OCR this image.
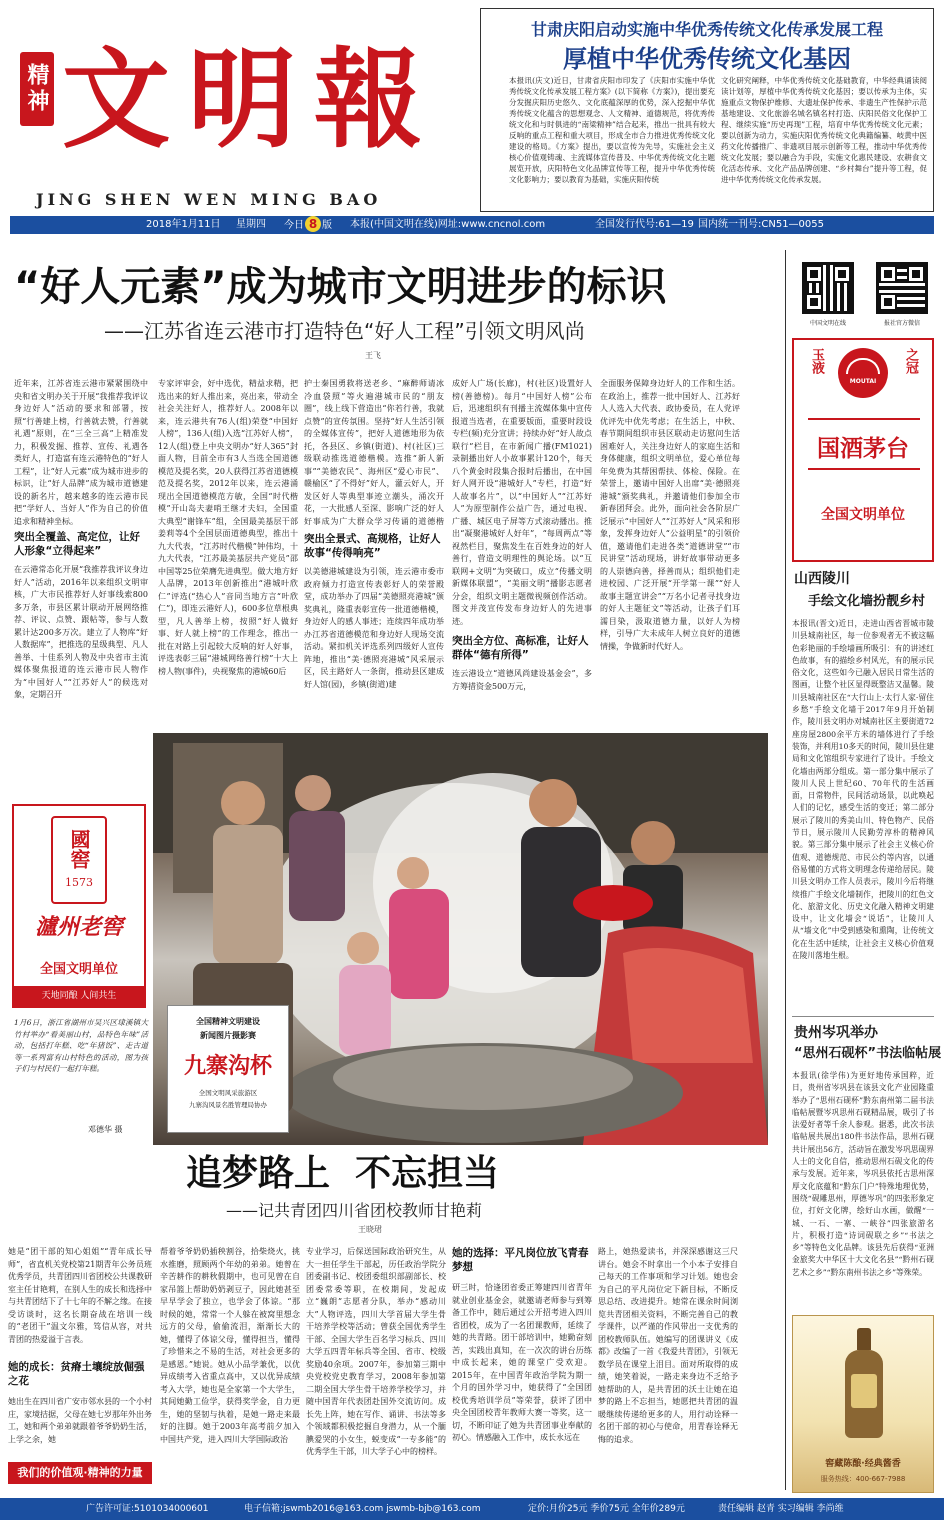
精神 文明報
JING SHEN WEN MING BAO
2018年1月11日 星期四 今日 8 版 本报(中国文明在线)网址:www.cncnol.com	全国发行代号:61—19 国内统一刊号:CN51—0055
甘肃庆阳启动实施中华优秀传统文化传承发展工程
厚植中华优秀传统文化基因
本报讯(庆文)近日，甘肃省庆阳市印发了《庆阳市实施中华优秀传统文化传承发展工程方案》(以下简称《方案》)，提出要充分发掘庆阳历史悠久、文化底蕴深厚的优势，深入挖掘中华优秀传统文化蕴含的思想观念、人文精神、道德规范，将优秀传统文化和与时俱进的“南梁精神”结合起来，推出一批具有较大反响的重点工程和重大项目，形成全市合力推进优秀传统文化建设的格局。《方案》提出，要以宣传为先导，实施社会主义核心价值观铸魂、主流媒体宣传普及、中华优秀传统文化主题展览开放，庆阳特色文化品牌宣传等工程，提升中华优秀传统文化影响力；要以教育为基础，实施庆阳传统
文化研究阐释，中华优秀传统文化基础教育，中华经典诵读阅读计划等，厚植中华优秀传统文化基因；要以传承为主体，实施重点文物保护维修、大遗址保护传承、非遗生产性保护示范基地建设、文化旅游名城名镇名村打造、庆阳民俗文化保护工程、继续实施“历史再现”工程，培育中华优秀传统文化元素；要以创新为动力，实施庆阳优秀传统文化典籍编纂、岐黄中医药文化传播推广、非遗项目展示创新等工程，推动中华优秀传统文化发展；要以融合为手段，实施文化惠民建设、农耕食文化活态传承、文化产品品牌创建、“乡村舞台”提升等工程，促进中华优秀传统文化传承发展。
“好人元素”成为城市文明进步的标识
——江苏省连云港市打造特色“好人工程”引领文明风尚
王飞
近年来，江苏省连云港市紧紧围绕中央和省文明办关于开展“我推荐我评议身边好人”活动的要求和部署，按照“行善建上榜，行善就去赞，行善就礼遇”原则，在“三全三高”上精准发力，积极发掘、推荐、宣传、礼遇各类好人，打造富有连云港特色的“好人工程”，让“好人元素”成为城市进步的标识，让“好人品牌”成为城市道德建设的新名片，越来越多的连云港市民把“学好人、当好人”作为自己的价值追求和精神坐标。
突出全覆盖、高定位，让好人形象“立得起来”
在云港常态化开展“我推荐我评议身边好人”活动，2016年以来组织文明审核，广大市民推荐好人好事线索800多万条，市县区累计联动开展网络推荐、评议、点赞、跟帖等，参与人数累计达200多万次。建立了人物库“好人数据库”，把推选的星级典型、凡人善举、十佳系列人物及中央省市主流媒体聚焦报道的连云港市民人物作为“中国好人”“江苏好人”的候选对象，定期召开
专家评审会，好中选优，精益求精，把选出来的好人推出来，亮出来，带动全社会关注好人，推荐好人。2008年以来，连云港共有76人(组)荣登“中国好人榜”，136人(组)入选“江苏好人榜”，12人(组)登上中央文明办“好人365”封面人物，目前全市有3人当选全国道德模范及提名奖，20人获得江苏省道德模范及提名奖，2012年以来，连云港涌现出全国道德模范方敏，全国“时代楷模”开山岛夫妻哨王继才夫妇，全国重大典型“谢锋车”组，全国最美基层干部姜莉等4个全国层面道德典型，推出十九大代表，“江苏时代楷模”钟伟均，十九大代表，“江苏最美基层共产党员”邵中国等25位荣膺先进典型。做大地方好人品牌，2013年创新推出“港城叶欣仁”评选(“热心人”音同当地方言“叶欣仁”)，即连云港好人)，600多位草根典型，凡人善举上榜，按照“好人做好事、好人就上榜”的工作理念，推出一批在对路上引起较大反响的好人好事，评选表彰三届“港城网络善行榜”十大上榜人物(事件)，央视聚焦的港城60后
护士秦国勇救将送老乡、“麻醉师请冰冷血袋照”等火遍港城市民的“朋友圈”，线上线下营造出“你若行善，我就点赞”的宣传氛围。坚持“好人生活引领的全媒体宣传”，把好人道德地形为依托，各县区、乡镇(街道)、村(社区)三级联动推选道德楷模。选推“新人新事”“美德农民”、海州区“爱心市民”、赣榆区“了不得好”好人，灌云好人，开发区好人等典型事迹立潮头，涌次开花，一大批感人至深、影响广泛的好人好事成为广大群众学习传诵的道德楷
突出全景式、高规格，让好人故事“传得响亮”
以美德港城建设为引领，连云港市委市政府倾力打造宣传表彰好人的荣誉殿堂，成功举办了四届“美德照亮港城”颁奖典礼，隆重表彰宣传一批道德楷模，身边好人的感人事迹；连续四年成功举办江苏省道德模范和身边好人现场交流活动。紧扣机关评选系列四级好人宣传阵地，推出“美·德照亮港城”风采展示区，民主路好人一条街，推动县区建成好人馆(园)，乡镇(街道)建
成好人广场(长廊)，村(社区)设置好人榜(善德榜)。每月“中国好人榜”公布后，迅速组织有刊播主流媒体集中宣传报道当选者，在重要版面，重要时段设专栏(频)充分宣讲；持续办好“好人故点联行”栏目，在市新闻广播(FM1021)录制播出好人小故事累计120个，每天八个黄金时段集合报时后播出，在中国好人网开设“港城好人”专栏，打造“好人故事名片”，以“中国好人”“江苏好人”为原型制作公益广告，通过电视、广播、城区电子屏等方式滚动播出。推出“凝聚港城好人好年”，“每周两点”等视然栏目，聚焦发生在百姓身边的好人善行，营造文明理性的舆论场。以“互联网+文明”为突破口，成立“传播文明新媒体联盟”，“美丽文明”播影志愿者分会，组织文明主题微视频创作活动。图文并茂宣传发布身边好人的先进事迹。
突出全方位、高标准，让好人群体“德有所得”
连云港设立“道德风尚建设基金会”，多方筹措资金500万元，
全面服务保障身边好人的工作和生活。在政治上，推荐一批中国好人、江苏好人人选入大代表、政协委员，在人党评优评先中优先考虑；在生活上，中秋、春节期间组织市县区联动走访慰问生活困难好人，关注身边好人的家庭生活和身体健康，组织文明单位，爱心单位每年免费为其帮困帮扶、体检、保险。在荣誉上，邀请中国好人出席“美·德照亮港城”颁奖典礼，并邀请他们参加全市新春团拜会。此外，面向社会各阶层广泛展示“中国好人”“江苏好人”风采和形象，发挥身边好人“公益明星”的引领价值，邀请他们走进各类“道德讲堂”“市民讲堂”活动现场，讲好故事带动更多的人崇德向善，择善而从；组织他们走进校园、广泛开展“开学第一课”“好人故事主题宣讲会”“万名小记者寻找身边的好人主题征文”等活动，让孩子们耳濡目染，汲取道德力量，以好人为榜样，引导广大未成年人树立良好的道德情操，争做新时代好人。
全国精神文明建设
新闻图片摄影赛
九寨沟杯
全国文明风采旅游区
九寨沟风景名胜管理局协办
1月6日，浙江省湖州市吴兴区埭溪镇大竹村举办“看美丽山村，品特色年味”活动，包括打年糕、吃“年猪饭”、走古道等一系列富有山村特色的活动，图为孩子们与村民们一起打年糕。
邓德华 摄
國窖
1573
瀘州老窖
全国文明单位
天地同酿 人间共生
中国文明在线	报社官方微信
玉液	之冠
MOUTAI
国酒茅台
全国文明单位
山西陵川
手绘文化墙扮靓乡村
本报讯(晋文)近日，走进山西省晋城市陵川县城南社区，每一位参观者无不被这幅色彩艳丽的手绘墙画所吸引：有的讲述红色故事，有的描绘乡村风光，有的展示民俗文化，这些如今已融入居民日常生活的图画，让整个社区显得既整洁又温馨。陵川县城南社区在“大行山上·太行人家·留住乡愁”手绘文化墙于2017年9月开始制作，陵川县文明办对城南社区主要街道72座房屋2800余平方米的墙体进行了手绘装饰，并利用10多天的时间，陵川县住建局和文化馆组织专家进行了设计。手绘文化墙由两部分组成。第一部分集中展示了陵川人民上世纪60、70年代的生活画面，日常物件，民间活动场景，以此唤起人们的记忆，感受生活的变迁；第二部分展示了陵川的秀美山川、特色物产、民俗节日，展示陵川人民勤劳淳朴的精神风貌。第三部分集中展示了社会主义核心价值观、道德规范、市民公约等内容，以通俗易懂的方式将文明理念传递给居民。陵川县文明办工作人员表示，陵川今后将继续推广手绘文化墙制作，把陵川的红色文化、旅游文化、历史文化融入精神文明建设中，让文化墙会“说话”，让陵川人从“墙文化”中受到感染和熏陶，让传统文化在生活中延续，让社会主义核心价值观在陵川落地生根。
贵州岑巩举办
“思州石砚杯”书法临帖展
本报讯(徐学伟)为更好地传承国粹，近日，贵州省岑巩县在该县文化产业园隆重举办了“思州石砚杯”黔东南州第二届书法临帖展暨岑巩思州石砚精品展，吸引了书法爱好者等千余人参观。据悉，此次书法临帖展共展出180件书法作品，思州石砚共计展出56方，活动旨在激发岑巩思砚界人士的文化自信，推动思州石砚文化的传承与发展。近年来，岑巩县依托古思州深厚文化底蕴和“黔东门户”特殊地理优势，围绕“砚雕思州，厚德岑巩”的四张形象定位，打好文化牌，绘好山水画，做醒“一城、一石、一寨、一峡谷”四张旅游名片，积极打造“诗词砚联之乡”“书法之乡”等特色文化品牌。该县先后获得“亚洲金旅奖大中华区十大文化名县”“黔州石砚艺术之乡”“黔东南州书法之乡”等殊荣。
窖藏陈酿·经典酱香
服务热线：400-667-7988
追梦路上  不忘担当
——记共青团四川省团校教师甘艳莉
王晓珺
她是“团干部的知心姐姐”“青年成长导师”，省直机关党校第21期青年公务员班优秀学员，共青团四川省团校公共课教研室主任甘艳莉，在别人生的成长和选择中与共青团结下了十七年的不解之缘。在接受访谈时，这名长期奋战在培训一线的“老团干”温文尔雅，笃信从容，对共青团的热爱溢于言表。
她的成长：贫瘠土壤绽放倔强之花
她出生在四川省广安市邻水县的一个小村庄，家境拮据，父母在她七岁那年外出务工，她和两个弟弟就跟着爷爷奶奶生活，上学之余，她
帮着爷爷奶奶插秧割谷，拾柴烧火，挑水推磨，照顾两个年幼的弟弟。她曾在辛苦耕作的耕秋假期中，也可见曾在自家吊篮上帮助奶奶剥豆子，因此她甚至早早学会了独立，也学会了体谅。“那时候的她，常常一个人躲在被窝里想念远方的父母，偷偷流泪，渐渐长大的她，懂得了体谅父母，懂得担当，懂得了珍惜来之不易的生活，对社会更多的是感恩。”她说。她从小品学兼优，以优异成绩考入省重点高中，又以优异成绩考入大学，她也是全家第一个大学生，其间她勤工俭学，获得奖学金，自力更生，她的坚韧与执着，是她一路走来最好的注脚。她于2003年高考前夕加入中国共产党，进入四川大学国际政治
专业学习，后保送国际政治研究生，从大一担任学生干部起，历任政治学院分团委副书记、校团委组织部副部长、校团委常委等职，在校期间，发起成立“巍朗”志愿者分队，举办“感动川大”人物评选，四川大学首届大学生骨干培养学校等活动；曾获全国优秀学生干部、全国大学生百名学习标兵、四川大学五四青年标兵等全国、省市、校级奖励40余项。2007年，参加第三期中央党校党史教育学习，2008年参加第二期全国大学生骨干培养学校学习，并随中国青年代表团赴国外交流访问。成长先上阵，她在写作、诵讲、书法等多个领域都积极挖掘自身潜力，从一个腼腆爱哭的小女生，蜕变成“一专多能”的优秀学生干部，川大学子心中的榜样。
她的选择：平凡岗位放飞青春梦想
研三时，恰逢团省委正筹建四川省青年就业创业基金会，就邀请老师参与到筹备工作中，随后通过公开招考进入四川省团校，成为了一名团课教师，延续了她的共青路。团干部培训中，她勤奋刻苦，实践出真知，在一次次的讲台历练中成长起来，她的课堂广受欢迎。2015年，在中国青年政治学院为期一个月的国外学习中，她获得了“全国团校优秀培训学员”等荣誉，获评了团中央全国团校青年教师大赛一等奖，这一切，不断印证了她为共青团事业奉献的初心。情感融入工作中，成长永远在
路上，她热爱读书，并深深感谢这三尺讲台。她会不时拿出一个小本子安排自己每天的工作事项和学习计划。她也会为自己的平凡岗位定下新目标，不断反思总结、改进提升。她常在课余时间浏览共青团相关资料，不断完善自己的教学课件，以严谨的作风带出一支优秀的团校教师队伍。她编写的团课讲义《成都》改编了一首《我爱共青团》，引领无数学员在课堂上泪目。面对所取得的成绩，她笑着说，一路走来身边不乏给予她帮助的人，是共青团的沃土让她在追梦的路上不忘担当，她愿把共青团的温暖继续传递给更多的人，用行动诠释一名团干部的初心与使命，用青春诠释无悔的追求。
我们的价值观·精神的力量
广告许可证:5101034000601	电子信箱:jswmb2016@163.com jswmb-bjb@163.com	定价:月价25元 季价75元 全年价289元	责任编辑 赵青 实习编辑 李尚维
